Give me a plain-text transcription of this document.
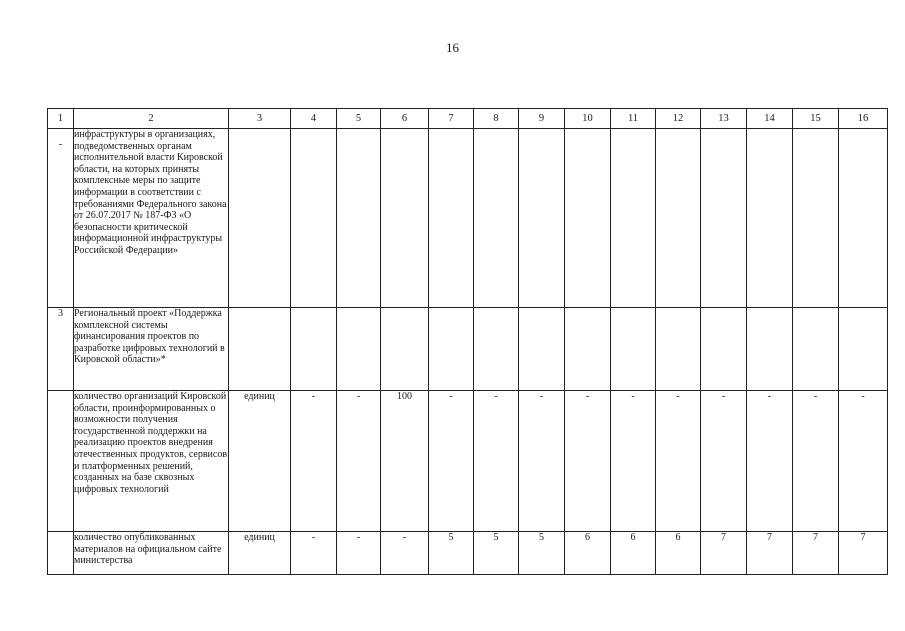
16
1	2	3	4	5	6	7	8	9	10	11	12	13	14	15	16
-	инфраструктуры в организациях, подведомственных органам исполнительной власти Кировской области, на которых приняты комплексные меры по защите информации в соответствии с требованиями Федерального закона от 26.07.2017 № 187-ФЗ «О безопасности критической информационной инфраструктуры Российской Федерации»														
3	Региональный проект «Поддержка комплексной системы финансирования проектов по разработке цифровых технологий в Кировской области»*														
	количество организаций Кировской области, проинформированных о возможности получения государственной поддержки на реализацию проектов внедрения отечественных продуктов, сервисов и платформенных решений, созданных на базе сквозных цифровых технологий	единиц	-	-	100	-	-	-	-	-	-	-	-	-	-
	количество опубликованных материалов на официальном сайте министерства	единиц	-	-	-	5	5	5	6	6	6	7	7	7	7
